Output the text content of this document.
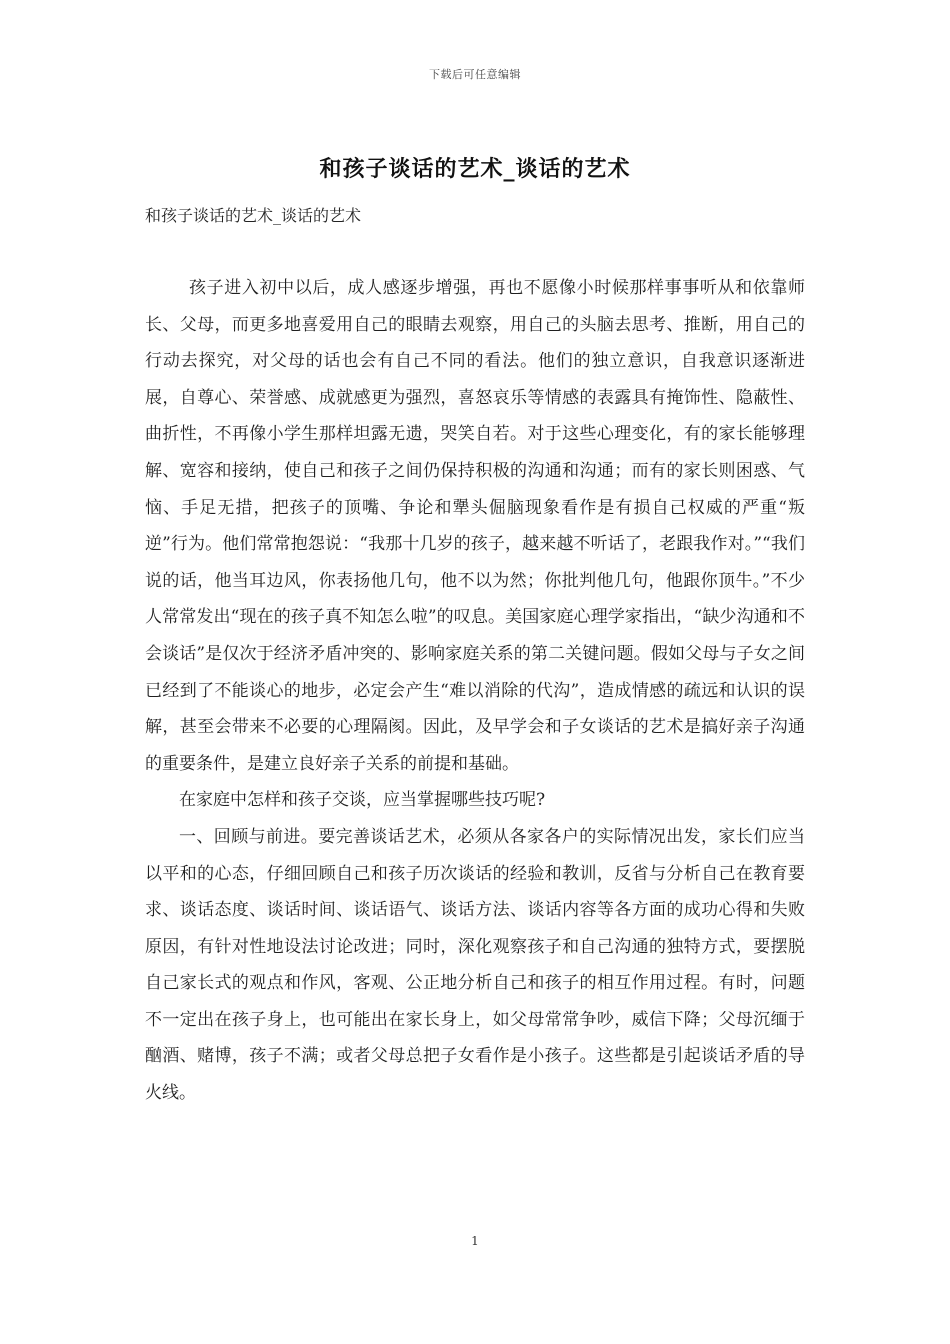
下载后可任意编辑
和孩子谈话的艺术_谈话的艺术
和孩子谈话的艺术_谈话的艺术

孩子进入初中以后，成人感逐步增强，再也不愿像小时候那样事事听从和依靠师长、父母，而更多地喜爱用自己的眼睛去观察，用自己的头脑去思考、推断，用自己的行动去探究，对父母的话也会有自己不同的看法。他们的独立意识，自我意识逐渐进展，自尊心、荣誉感、成就感更为强烈，喜怒哀乐等情感的表露具有掩饰性、隐蔽性、曲折性，不再像小学生那样坦露无遗，哭笑自若。对于这些心理变化，有的家长能够理解、宽容和接纳，使自己和孩子之间仍保持积极的沟通和沟通；而有的家长则困惑、气恼、手足无措，把孩子的顶嘴、争论和犟头倔脑现象看作是有损自己权威的严重“叛逆”行为。他们常常抱怨说：“我那十几岁的孩子，越来越不听话了，老跟我作对。”“我们说的话，他当耳边风，你表扬他几句，他不以为然；你批判他几句，他跟你顶牛。”不少人常常发出“现在的孩子真不知怎么啦”的叹息。美国家庭心理学家指出，“缺少沟通和不会谈话”是仅次于经济矛盾冲突的、影响家庭关系的第二关键问题。假如父母与子女之间已经到了不能谈心的地步，必定会产生“难以消除的代沟”，造成情感的疏远和认识的误解，甚至会带来不必要的心理隔阂。因此，及早学会和子女谈话的艺术是搞好亲子沟通的重要条件，是建立良好亲子关系的前提和基础。

在家庭中怎样和孩子交谈，应当掌握哪些技巧呢?

一、回顾与前进。要完善谈话艺术，必须从各家各户的实际情况出发，家长们应当以平和的心态，仔细回顾自己和孩子历次谈话的经验和教训，反省与分析自己在教育要求、谈话态度、谈话时间、谈话语气、谈话方法、谈话内容等各方面的成功心得和失败原因，有针对性地设法讨论改进；同时，深化观察孩子和自己沟通的独特方式，要摆脱自己家长式的观点和作风，客观、公正地分析自己和孩子的相互作用过程。有时，问题不一定出在孩子身上，也可能出在家长身上，如父母常常争吵，威信下降；父母沉缅于酗酒、赌博，孩子不满；或者父母总把子女看作是小孩子。这些都是引起谈话矛盾的导火线。

1
